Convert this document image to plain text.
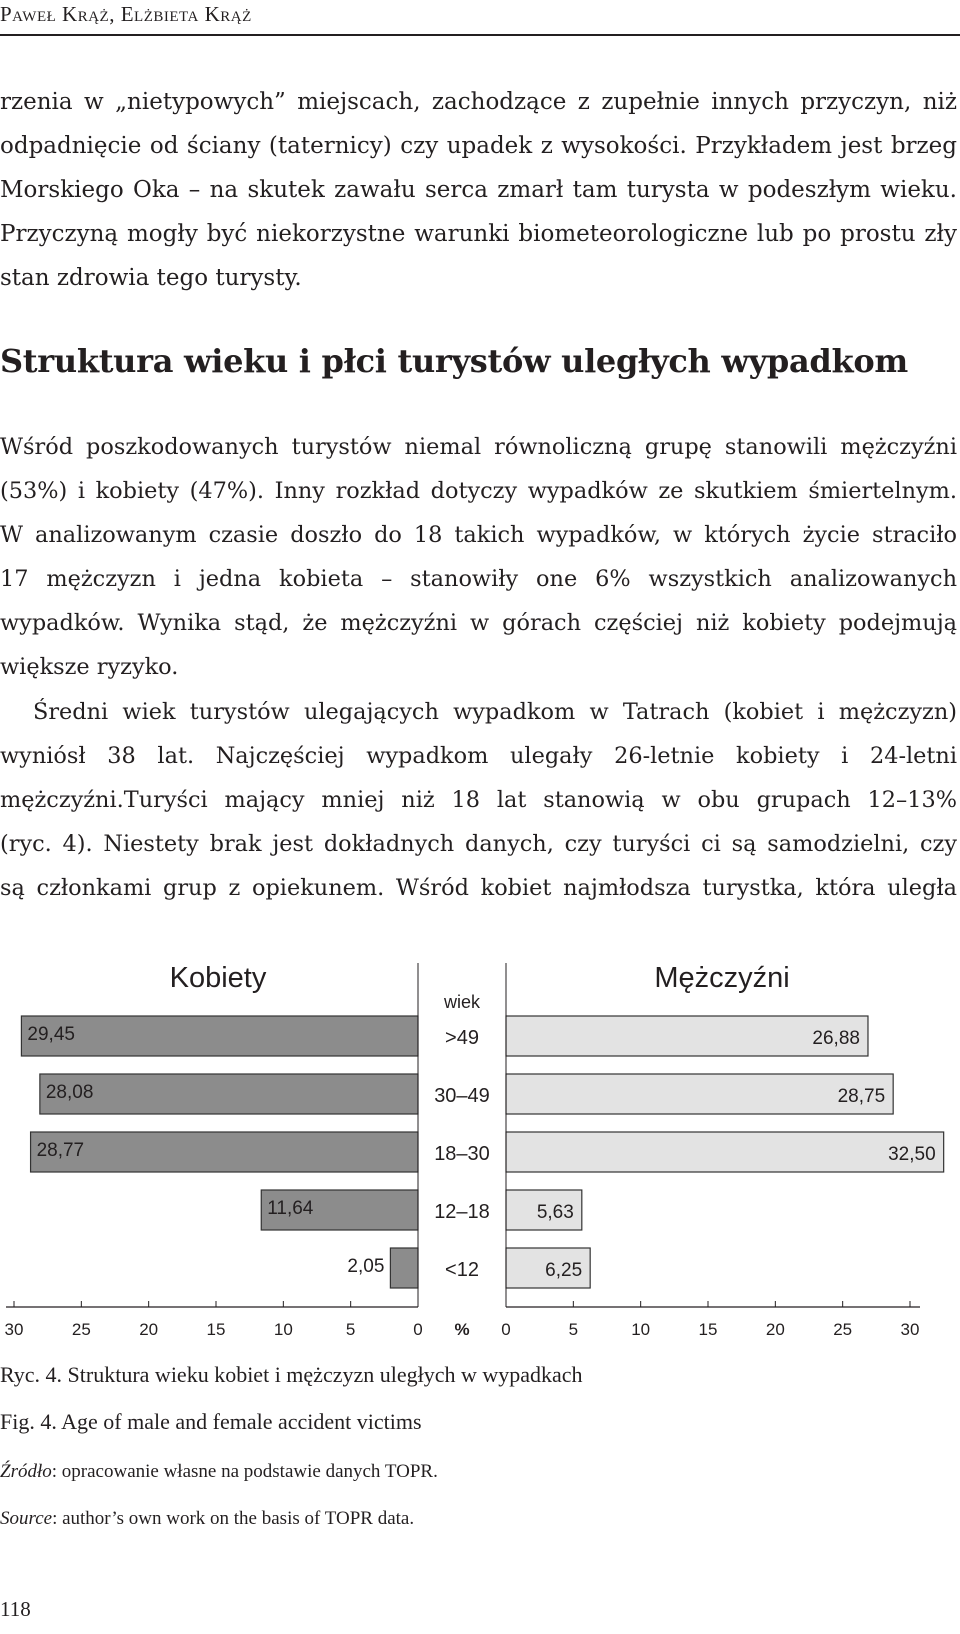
Paweł Krąż, Elżbieta Krąż

rzenia w „nietypowych” miejscach, zachodzące z zupełnie innych przyczyn, niż
odpadnięcie od ściany (taternicy) czy upadek z wysokości. Przykładem jest brzeg
Morskiego Oka – na skutek zawału serca zmarł tam turysta w podeszłym wieku.
Przyczyną mogły być niekorzystne warunki biometeorologiczne lub po prostu zły
stan zdrowia tego turysty.

Struktura wieku i płci turystów uległych wypadkom

Wśród poszkodowanych turystów niemal równoliczną grupę stanowili mężczyźni
(53%) i kobiety (47%). Inny rozkład dotyczy wypadków ze skutkiem śmiertelnym.
W analizowanym czasie doszło do 18 takich wypadków, w których życie straciło
17 mężczyzn i jedna kobieta – stanowiły one 6% wszystkich analizowanych
wypadków. Wynika stąd, że mężczyźni w górach częściej niż kobiety podejmują
większe ryzyko.

Średni wiek turystów ulegających wypadkom w Tatrach (kobiet i mężczyzn)
wyniósł 38 lat. Najczęściej wypadkom ulegały 26-letnie kobiety i 24-letni
mężczyźni.Turyści mający mniej niż 18 lat stanowią w obu grupach 12–13%
(ryc. 4). Niestety brak jest dokładnych danych, czy turyści ci są samodzielni, czy
są członkami grup z opiekunem. Wśród kobiet najmłodsza turystka, która uległa

Kobiety	Mężczyźni
wiek
>49
29,45	26,88
30–49
28,08	28,75
18–30
28,77	32,50
12–18
11,64	5,63
<12
2,05	6,25
30	25	20	15	10	5	0	0	5	10	15	20	25	30
%

Ryc. 4. Struktura wieku kobiet i mężczyzn uległych w wypadkach

Fig. 4. Age of male and female accident victims

Źródło: opracowanie własne na podstawie danych TOPR.

Source: author’s own work on the basis of TOPR data.

118
